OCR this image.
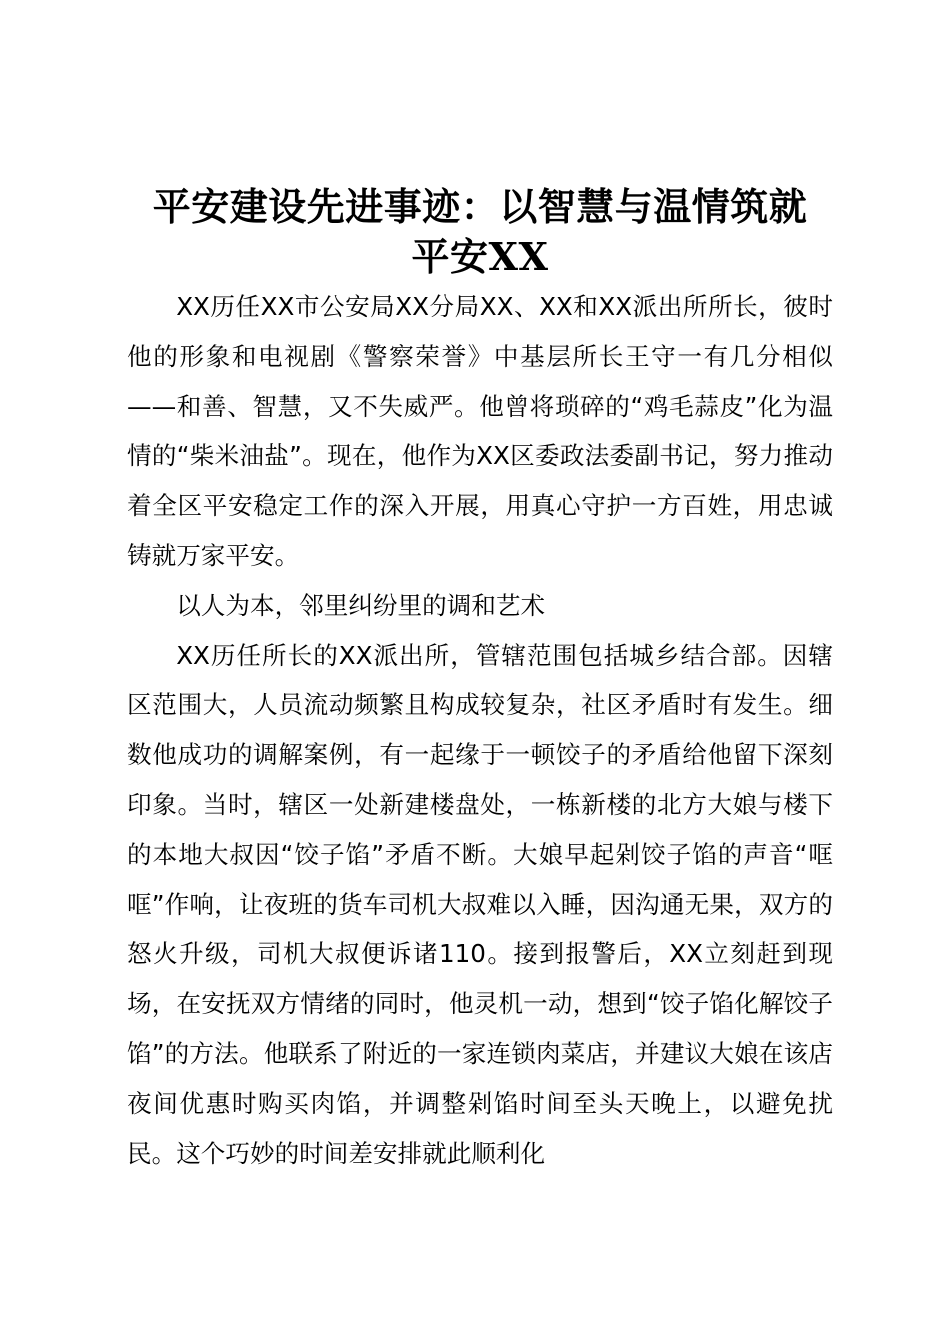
平安建设先进事迹：以智慧与温情筑就
平安XX

XX历任XX市公安局XX分局XX、XX和XX派出所所长，彼时他的形象和电视剧《警察荣誉》中基层所长王守一有几分相似——和善、智慧，又不失威严。他曾将琐碎的“鸡毛蒜皮”化为温情的“柴米油盐”。现在，他作为XX区委政法委副书记，努力推动着全区平安稳定工作的深入开展，用真心守护一方百姓，用忠诚铸就万家平安。

以人为本，邻里纠纷里的调和艺术

XX历任所长的XX派出所，管辖范围包括城乡结合部。因辖区范围大，人员流动频繁且构成较复杂，社区矛盾时有发生。细数他成功的调解案例，有一起缘于一顿饺子的矛盾给他留下深刻印象。当时，辖区一处新建楼盘处，一栋新楼的北方大娘与楼下的本地大叔因“饺子馅”矛盾不断。大娘早起剁饺子馅的声音“哐哐”作响，让夜班的货车司机大叔难以入睡，因沟通无果，双方的怒火升级，司机大叔便诉诸110。接到报警后，XX立刻赶到现场，在安抚双方情绪的同时，他灵机一动，想到“饺子馅化解饺子馅”的方法。他联系了附近的一家连锁肉菜店，并建议大娘在该店夜间优惠时购买肉馅，并调整剁馅时间至头天晚上，以避免扰民。这个巧妙的时间差安排就此顺利化
